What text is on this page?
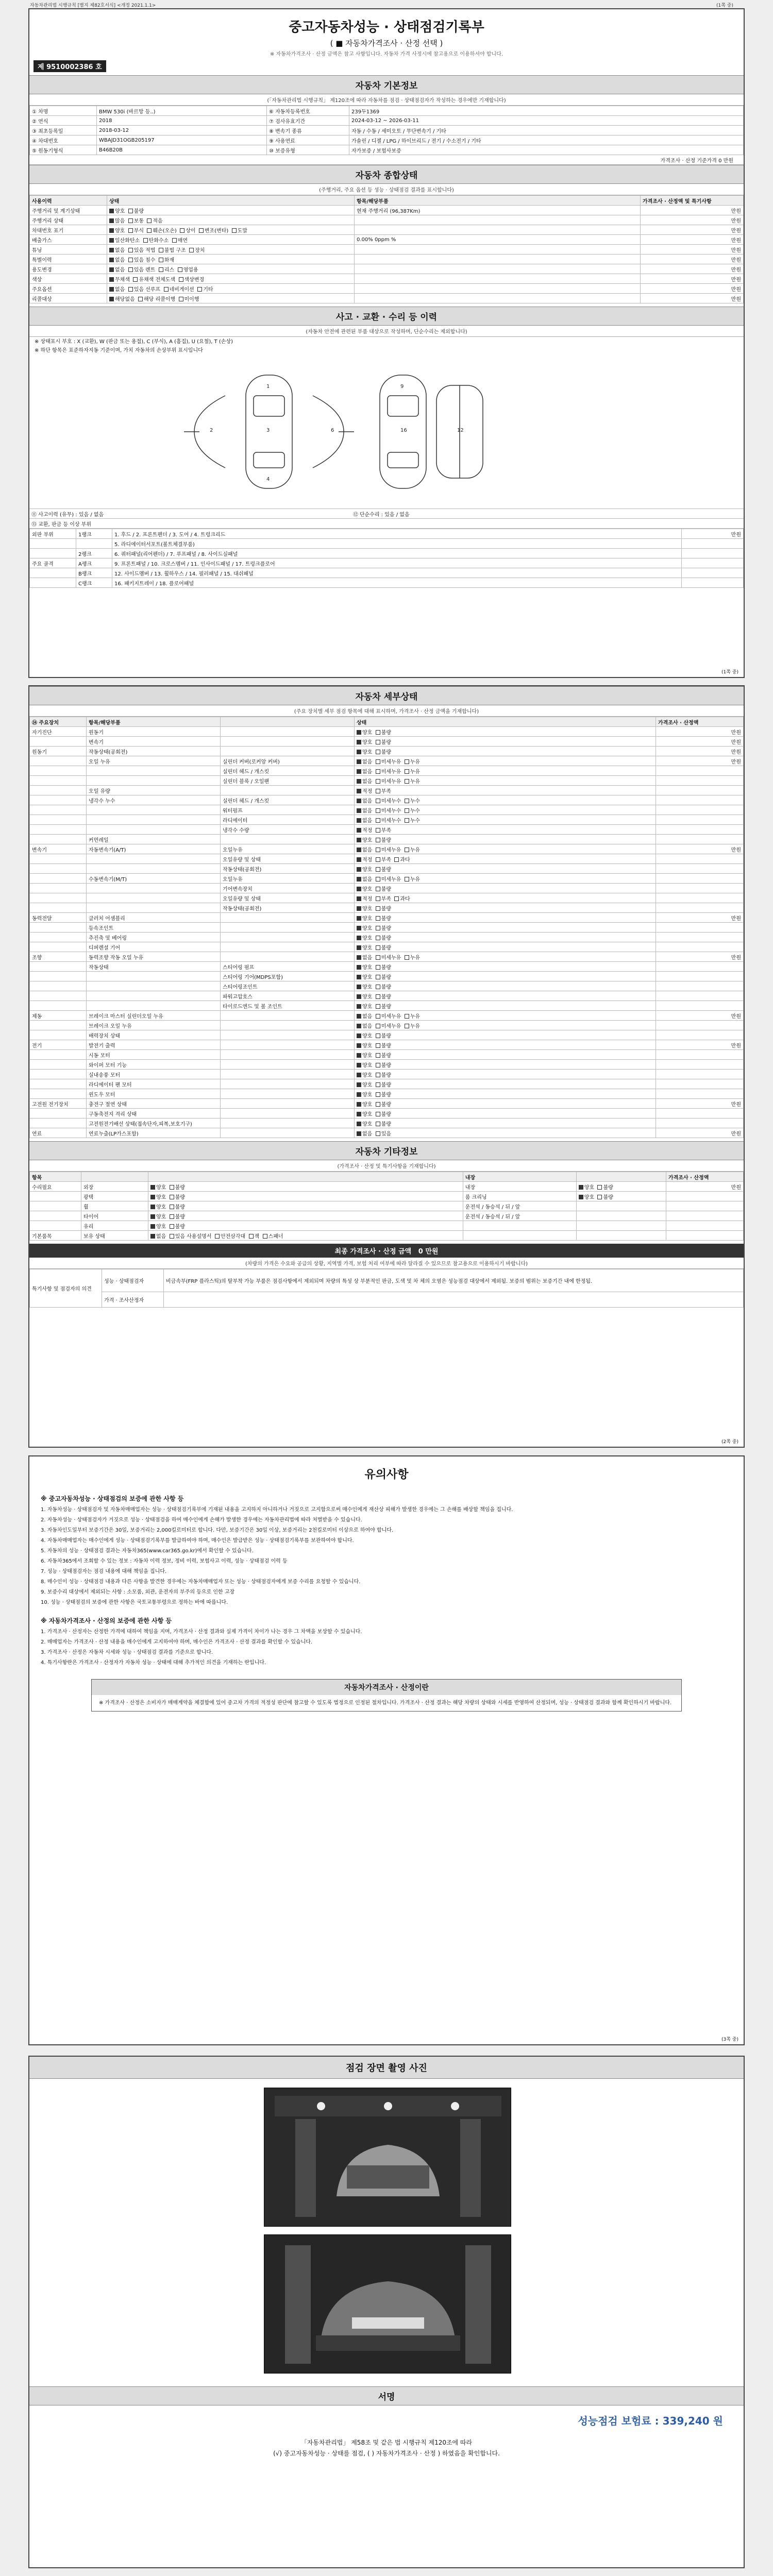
자동차관리법 시행규칙 [별지 제82호서식] <개정 2021.1.1>	(1쪽 중)
중고자동차성능 · 상태점검기록부
( ■ 자동차가격조사 · 산정 선택 )
※ 자동차가격조사 · 산정 금액은 참고 사항입니다. 자동차 가격 사정시에 참고용으로 이용하셔야 합니다.
제 9510002386 호
자동차 기본정보
(「자동차관리법 시행규칙」 제120조에 따라 자동차를 점검 · 상태점검자가 작성하는 경우에만 기재합니다)
① 차명	BMW 530i (바르망 등..)	⑥ 자동차등록번호	239두1369
② 연식	2018	⑦ 검사유효기간	2024-03-12 ~ 2026-03-11
③ 최초등록일	2018-03-12	⑧ 변속기 종류	자동 / 수동 / 세미오토 / 무단변속기 / 기타
④ 차대번호	WBAJD31OGB205197	⑨ 사용연료	가솔린 / 디젤 / LPG / 하이브리드 / 전기 / 수소전기 / 기타
⑤ 원동기형식	B46B20B	⑩ 보증유형	자가보증 / 보험사보증
가격조사 · 산정 기준가격 0 만원
자동차 종합상태
(주행거리, 주요 옵션 등 성능 · 상태점검 결과를 표시합니다)
사용이력	상태	항목/해당부품	가격조사 · 산정액 및 특기사항
주행거리 및 계기상태	양호  불량	현재 주행거리 (96,387Km)	만원
주행거리 상태	많음  보통  적음		만원
차대번호 표기	양호  부식  훼손(오손)  상이  변조(변타)  도말		만원
배출가스	일산화탄소  탄화수소  매연	0.00% 0ppm %	만원
튜닝	없음  있음 적법  불법 구조  장치		만원
특별이력	없음  있음 침수  화재		만원
용도변경	없음  있음 렌트  리스  영업용		만원
색상	무채색  유채색 전체도색  색상변경		만원
주요옵션	없음  있음 선루프  네비게이션  기타		만원
리콜대상	해당없음  해당 리콜이행  미이행		만원
사고 · 교환 · 수리 등 이력
(자동차 안전에 관련된 부품 대상으로 작성하며, 단순수리는 제외합니다)
※ 상태표시 부호 : X (교환), W (판금 또는 용접), C (부식), A (흠집), U (요철), T (손상)
※ 하단 항목은 표준하자지동 기준이며, 가치 자동차의 손상부위 표시입니다
1
3
4
9
16	12
2	6
⑪ 사고이력 (유무) : 있음 / 없음	⑫ 단순수리 : 있음 / 없음
⑬ 교환, 판금 등 이상 부위
외판 부위	1랭크	1. 후드 / 2. 프론트펜더 / 3. 도어 / 4. 트렁크리드	만원
		5. 라디에이터서포트(볼트체결부품)	
	2랭크	6. 쿼터패널(리어펜더) / 7. 루프패널 / 8. 사이드실패널	
주요 골격	A랭크	9. 프론트패널 / 10. 크로스멤버 / 11. 인사이드패널 / 17. 트렁크플로어	
	B랭크	12. 사이드멤버 / 13. 휠하우스 / 14. 필러패널 / 15. 대쉬패널	
	C랭크	16. 패키지트레이 / 18. 플로어패널	
(1쪽 중)
자동차 세부상태
(주요 장치별 세부 점검 항목에 대해 표시하며, 가격조사 · 산정 금액을 기재합니다)
⑭ 주요장치	항목/해당부품		상태	가격조사 · 산정액
자기진단	원동기		양호  불량	만원
	변속기		양호  불량	만원
원동기	작동상태(공회전)		양호  불량	만원
	오일 누유	실린더 커버(로커암 커버)	없음  미세누유  누유	만원
		실린더 헤드 / 개스킷	없음  미세누유  누유	
		실린더 블록 / 오일팬	없음  미세누유  누유	
	오일 유량		적정  부족	
	냉각수 누수	실린더 헤드 / 개스킷	없음  미세누수  누수	
		워터펌프	없음  미세누수  누수	
		라디에이터	없음  미세누수  누수	
		냉각수 수량	적정  부족	
	커먼레일		양호  불량	
변속기	자동변속기(A/T)	오일누유	없음  미세누유  누유	만원
		오일유량 및 상태	적정  부족  과다	
		작동상태(공회전)	양호  불량	
	수동변속기(M/T)	오일누유	없음  미세누유  누유	
		기어변속장치	양호  불량	
		오일유량 및 상태	적정  부족  과다	
		작동상태(공회전)	양호  불량	
동력전달	클러치 어셈블리		양호  불량	만원
	등속조인트		양호  불량	
	추진축 및 베어링		양호  불량	
	디퍼렌셜 기어		양호  불량	
조향	동력조향 작동 오일 누유		없음  미세누유  누유	만원
	작동상태	스티어링 펌프	양호  불량	
		스티어링 기어(MDPS포함)	양호  불량	
		스티어링조인트	양호  불량	
		파워고압호스	양호  불량	
		타이로드엔드 및 볼 조인트	양호  불량	
제동	브레이크 마스터 실린더오일 누유		없음  미세누유  누유	만원
	브레이크 오일 누유		없음  미세누유  누유	
	배력장치 상태		양호  불량	
전기	발전기 출력		양호  불량	만원
	시동 모터		양호  불량	
	와이퍼 모터 기능		양호  불량	
	실내송풍 모터		양호  불량	
	라디에이터 팬 모터		양호  불량	
	윈도우 모터		양호  불량	
고전원 전기장치	충전구 절연 상태		양호  불량	만원
	구동축전지 격리 상태		양호  불량	
	고전원전기배선 상태(접속단자,피복,보호기구)		양호  불량	
연료	연료누출(LP가스포함)		없음  있음	만원
자동차 기타정보
(가격조사 · 산정 및 특기사항을 기재합니다)
항목			내장		가격조사 · 산정액
수리필요	외장	양호  불량	내장	양호  불량	만원
	광택	양호  불량	룸 크리닝	양호  불량	
	휠	양호  불량	운전석 / 동승석 / 뒤 / 앞		
	타이어	양호  불량	운전석 / 동승석 / 뒤 / 앞		
	유리	양호  불량			
기본품목	보유 상태	없음  있음 사용설명서  안전삼각대  잭  스패너			
최종 가격조사 · 산정 금액 0 만원
(차량의 가격은 수요와 공급의 상황, 지역별 가격, 보험 처리 여부에 따라 달라질 수 있으므로 참고용으로 이용하시기 바랍니다)
특기사항 및 점검자의 의견	성능 · 상태점검자	비금속부(FRP 플라스틱)의 탈부착 가능 부품은 점검사항에서 제외되며 차량의 특성 상 부분적인 판금, 도색 및 차 체의 오염은 성능점검 대상에서 제외됨. 보증의 범위는 보증기간 내에 한정됨.
	가격 · 조사산정자	
(2쪽 중)
유의사항
※ 중고자동차성능 · 상태점검의 보증에 관한 사항 등
1. 자동차성능 · 상태점검자 및 자동차매매업자는 성능 · 상태점검기록부에 기재된 내용을 고지하지 아니하거나 거짓으로 고지함으로써 매수인에게 재산상 피해가 발생한 경우에는 그 손해를 배상할 책임을 집니다.
2. 자동차성능 · 상태점검자가 거짓으로 성능 · 상태점검을 하여 매수인에게 손해가 발생한 경우에는 자동차관리법에 따라 처벌받을 수 있습니다.
3. 자동차인도일부터 보증기간은 30일, 보증거리는 2,000킬로미터로 합니다. 다만, 보증기간은 30일 이상, 보증거리는 2천킬로미터 이상으로 하여야 합니다.
4. 자동차매매업자는 매수인에게 성능 · 상태점검기록부를 발급하여야 하며, 매수인은 발급받은 성능 · 상태점검기록부를 보관하여야 합니다.
5. 자동차의 성능 · 상태점검 결과는 자동차365(www.car365.go.kr)에서 확인할 수 있습니다.
6. 자동차365에서 조회할 수 있는 정보 : 자동차 이력 정보, 정비 이력, 보험사고 이력, 성능 · 상태점검 이력 등
7. 성능 · 상태점검자는 점검 내용에 대해 책임을 집니다.
8. 매수인이 성능 · 상태점검 내용과 다른 사항을 발견한 경우에는 자동차매매업자 또는 성능 · 상태점검자에게 보증 수리를 요청할 수 있습니다.
9. 보증수리 대상에서 제외되는 사항 : 소모품, 외관, 운전자의 부주의 등으로 인한 고장
10. 성능 · 상태점검의 보증에 관한 사항은 국토교통부령으로 정하는 바에 따릅니다.
※ 자동차가격조사 · 산정의 보증에 관한 사항 등
1. 가격조사 · 산정자는 산정한 가격에 대하여 책임을 지며, 가격조사 · 산정 결과와 실제 가격이 차이가 나는 경우 그 차액을 보상할 수 있습니다.
2. 매매업자는 가격조사 · 산정 내용을 매수인에게 고지하여야 하며, 매수인은 가격조사 · 산정 결과를 확인할 수 있습니다.
3. 가격조사 · 산정은 자동차 시세와 성능 · 상태점검 결과를 기준으로 합니다.
4. 특기사항란은 가격조사 · 산정자가 자동차 성능 · 상태에 대해 추가적인 의견을 기재하는 란입니다.
자동차가격조사 · 산정이란
※ 가격조사 · 산정은 소비자가 매매계약을 체결함에 있어 중고차 가격의 적정성 판단에 참고할 수 있도록 법정으로 인정된 절차입니다. 가격조사 · 산정 결과는 해당 차량의 상태와 시세를 반영하여 산정되며, 성능 · 상태점검 결과와 함께 확인하시기 바랍니다.
(3쪽 중)
점검 장면 촬영 사진
서명
성능점검 보험료 :
339,240 원
「자동차관리법」 제58조 및 같은 법 시행규칙 제120조에 따라
(√) 중고자동차성능 · 상태를 점검, ( ) 자동차가격조사 · 산정 ) 하였음을 확인합니다.
